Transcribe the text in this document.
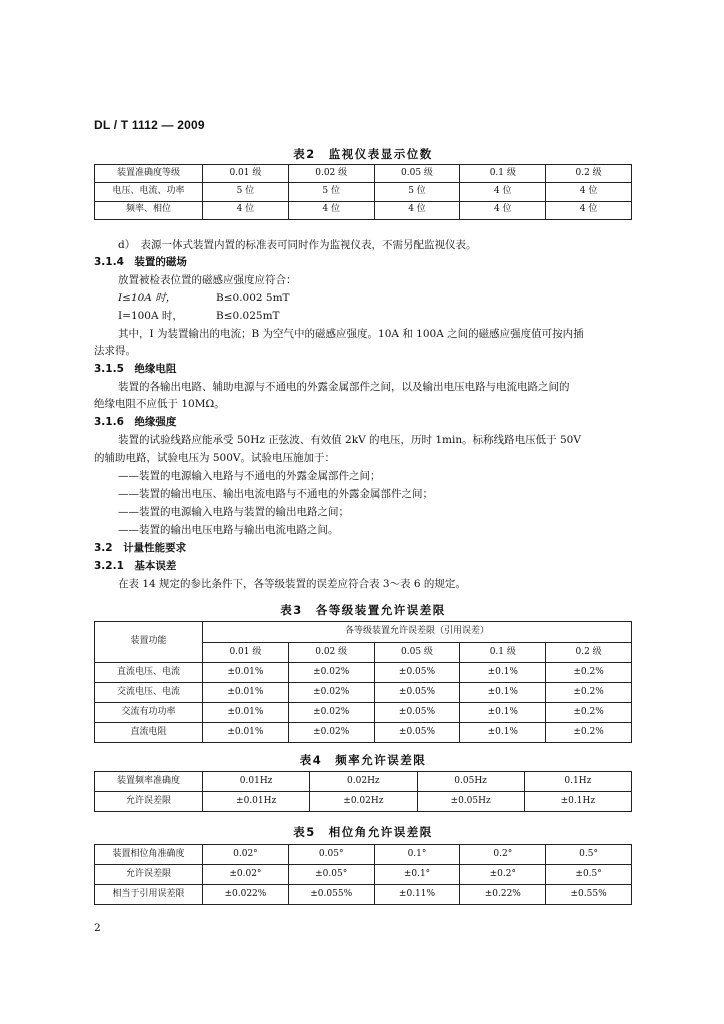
DL / T 1112 — 2009
表2　监视仪表显示位数
装置准确度等级	0.01 级	0.02 级	0.05 级	0.1 级	0.2 级
电压、电流、功率	5 位	5 位	5 位	4 位	4 位
频率、相位	4 位	4 位	4 位	4 位	4 位
d）　表源一体式装置内置的标准表可同时作为监视仪表，不需另配监视仪表。
3.1.4　装置的磁场
放置被检表位置的磁感应强度应符合：
I≤10A 时，	B≤0.002 5mT
I=100A 时，	B≤0.025mT
其中，I 为装置输出的电流；B 为空气中的磁感应强度。10A 和 100A 之间的磁感应强度值可按内插
法求得。
3.1.5　绝缘电阻
装置的各输出电路、辅助电源与不通电的外露金属部件之间，以及输出电压电路与电流电路之间的
绝缘电阻不应低于 10MΩ。
3.1.6　绝缘强度
装置的试验线路应能承受 50Hz 正弦波、有效值 2kV 的电压，历时 1min。标称线路电压低于 50V
的辅助电路，试验电压为 500V。试验电压施加于：
——装置的电源输入电路与不通电的外露金属部件之间；
——装置的输出电压、输出电流电路与不通电的外露金属部件之间；
——装置的电源输入电路与装置的输出电路之间；
——装置的输出电压电路与输出电流电路之间。
3.2　计量性能要求
3.2.1　基本误差
在表 14 规定的参比条件下，各等级装置的误差应符合表 3～表 6 的规定。
表3　各等级装置允许误差限
装置功能	各等级装置允许误差限（引用误差）				
	0.01 级	0.02 级	0.05 级	0.1 级	0.2 级
直流电压、电流	±0.01%	±0.02%	±0.05%	±0.1%	±0.2%
交流电压、电流	±0.01%	±0.02%	±0.05%	±0.1%	±0.2%
交流有功功率	±0.01%	±0.02%	±0.05%	±0.1%	±0.2%
直流电阻	±0.01%	±0.02%	±0.05%	±0.1%	±0.2%
表4　频率允许误差限
装置频率准确度	0.01Hz	0.02Hz	0.05Hz	0.1Hz
允许误差限	±0.01Hz	±0.02Hz	±0.05Hz	±0.1Hz
表5　相位角允许误差限
装置相位角准确度	0.02°	0.05°	0.1°	0.2°	0.5°
允许误差限	±0.02°	±0.05°	±0.1°	±0.2°	±0.5°
相当于引用误差限	±0.022%	±0.055%	±0.11%	±0.22%	±0.55%
2
